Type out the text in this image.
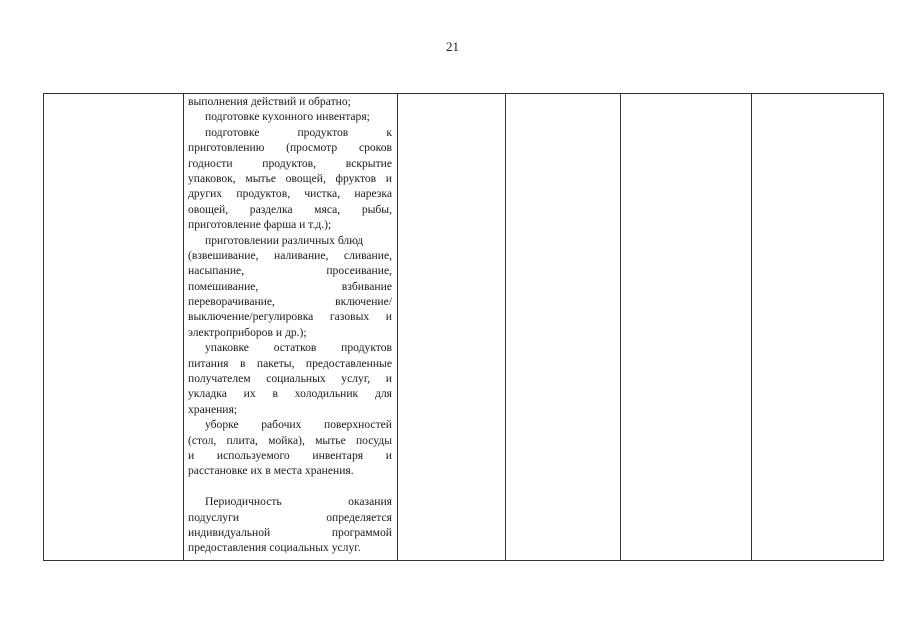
21

выполнения действий и обратно;
подготовке кухонного инвентаря;
подготовке продуктов к
приготовлению (просмотр сроков
годности продуктов, вскрытие
упаковок, мытье овощей, фруктов и
других продуктов, чистка, нарезка
овощей, разделка мяса, рыбы,
приготовление фарша и т.д.);
приготовлении различных блюд
(взвешивание, наливание, сливание,
насыпание, просеивание,
помешивание, взбивание
переворачивание, включение/
выключение/регулировка газовых и
электроприборов и др.);
упаковке остатков продуктов
питания в пакеты, предоставленные
получателем социальных услуг, и
укладка их в холодильник для
хранения;
уборке рабочих поверхностей
(стол, плита, мойка), мытье посуды
и используемого инвентаря и
расстановке их в места хранения.
Периодичность оказания
подуслуги определяется
индивидуальной программой
предоставления социальных услуг.
